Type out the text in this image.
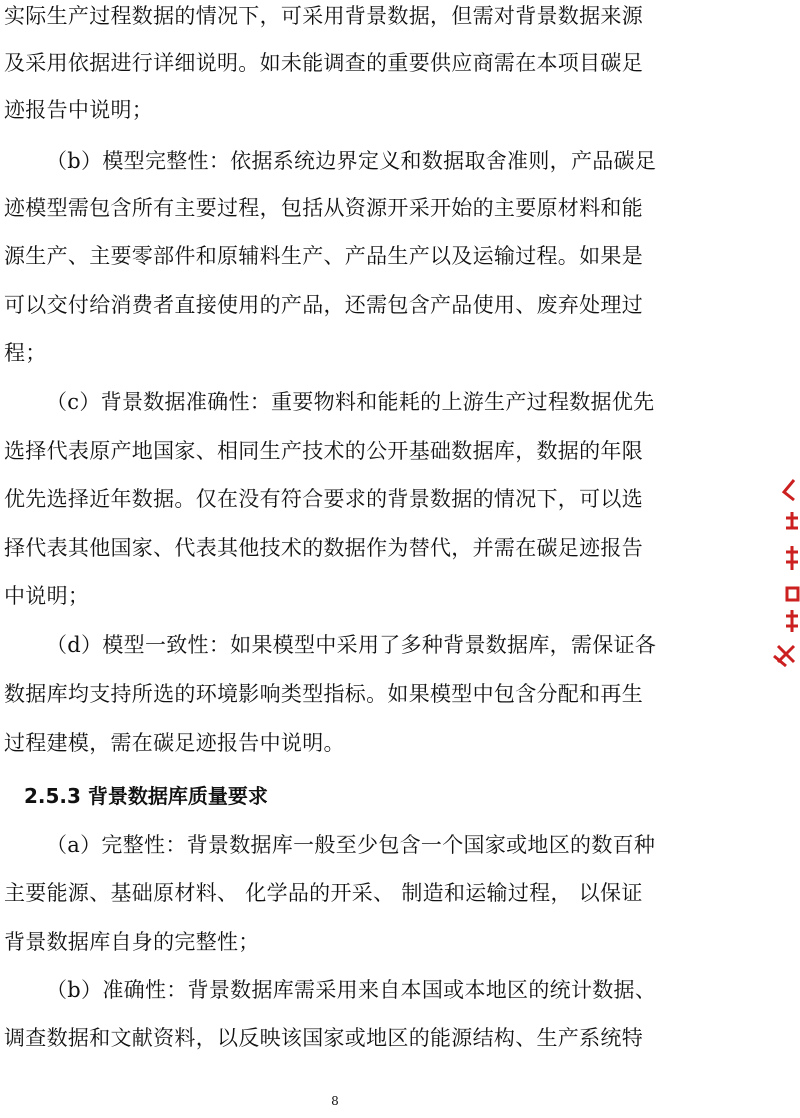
实际生产过程数据的情况下，可采用背景数据，但需对背景数据来源
及采用依据进行详细说明。如未能调查的重要供应商需在本项目碳足
迹报告中说明；
（b）模型完整性：依据系统边界定义和数据取舍准则，产品碳足
迹模型需包含所有主要过程，包括从资源开采开始的主要原材料和能
源生产、主要零部件和原辅料生产、产品生产以及运输过程。如果是
可以交付给消费者直接使用的产品，还需包含产品使用、废弃处理过
程；
（c）背景数据准确性：重要物料和能耗的上游生产过程数据优先
选择代表原产地国家、相同生产技术的公开基础数据库，数据的年限
优先选择近年数据。仅在没有符合要求的背景数据的情况下，可以选
择代表其他国家、代表其他技术的数据作为替代，并需在碳足迹报告
中说明；
（d）模型一致性：如果模型中采用了多种背景数据库，需保证各
数据库均支持所选的环境影响类型指标。如果模型中包含分配和再生
过程建模，需在碳足迹报告中说明。
2.5.3 背景数据库质量要求
（a）完整性：背景数据库一般至少包含一个国家或地区的数百种
主要能源、基础原材料、 化学品的开采、 制造和运输过程， 以保证
背景数据库自身的完整性；
（b）准确性：背景数据库需采用来自本国或本地区的统计数据、
调查数据和文献资料，以反映该国家或地区的能源结构、生产系统特
8
